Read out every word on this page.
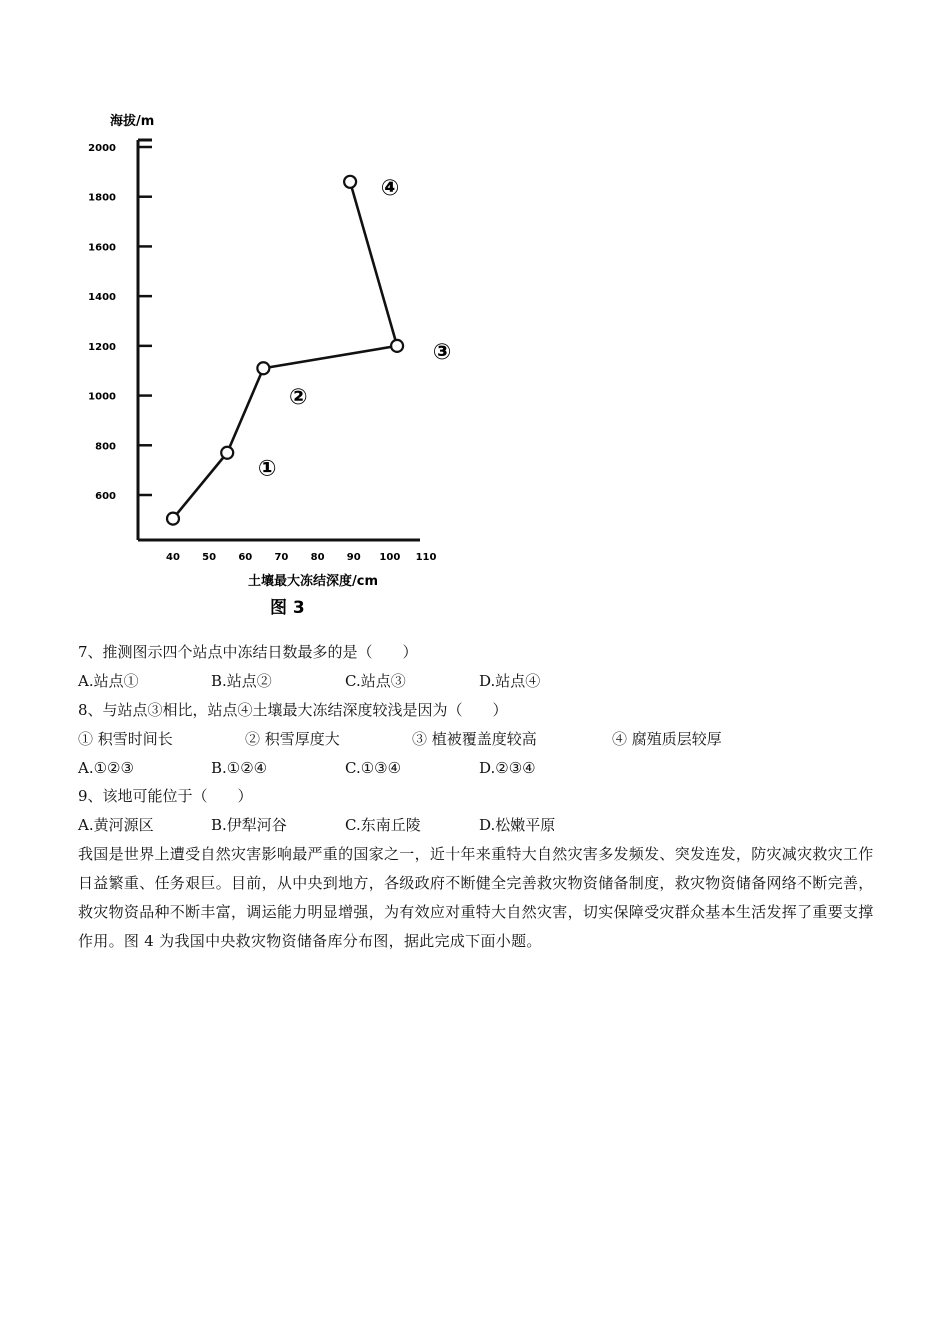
600
800
1000
1200
1400
1600
1800
2000
40 50 60 70 80 90 100 110
①
②
③
④
海拔/m
土壤最大冻结深度/cm
图 3
7、推测图示四个站点中冻结日数最多的是（　　）
A.站点①	B.站点②	C.站点③	D.站点④
8、与站点③相比，站点④土壤最大冻结深度较浅是因为（　　）
① 积雪时间长	② 积雪厚度大	③ 植被覆盖度较高	④ 腐殖质层较厚
A.①②③	B.①②④	C.①③④	D.②③④
9、该地可能位于（　　）
A.黄河源区	B.伊犁河谷	C.东南丘陵	D.松嫩平原
我国是世界上遭受自然灾害影响最严重的国家之一，近十年来重特大自然灾害多发频发、突发连发，防灾减灾救灾工作日益繁重、任务艰巨。目前，从中央到地方，各级政府不断健全完善救灾物资储备制度，救灾物资储备网络不断完善，救灾物资品种不断丰富，调运能力明显增强，为有效应对重特大自然灾害，切实保障受灾群众基本生活发挥了重要支撑作用。图 4 为我国中央救灾物资储备库分布图，据此完成下面小题。
